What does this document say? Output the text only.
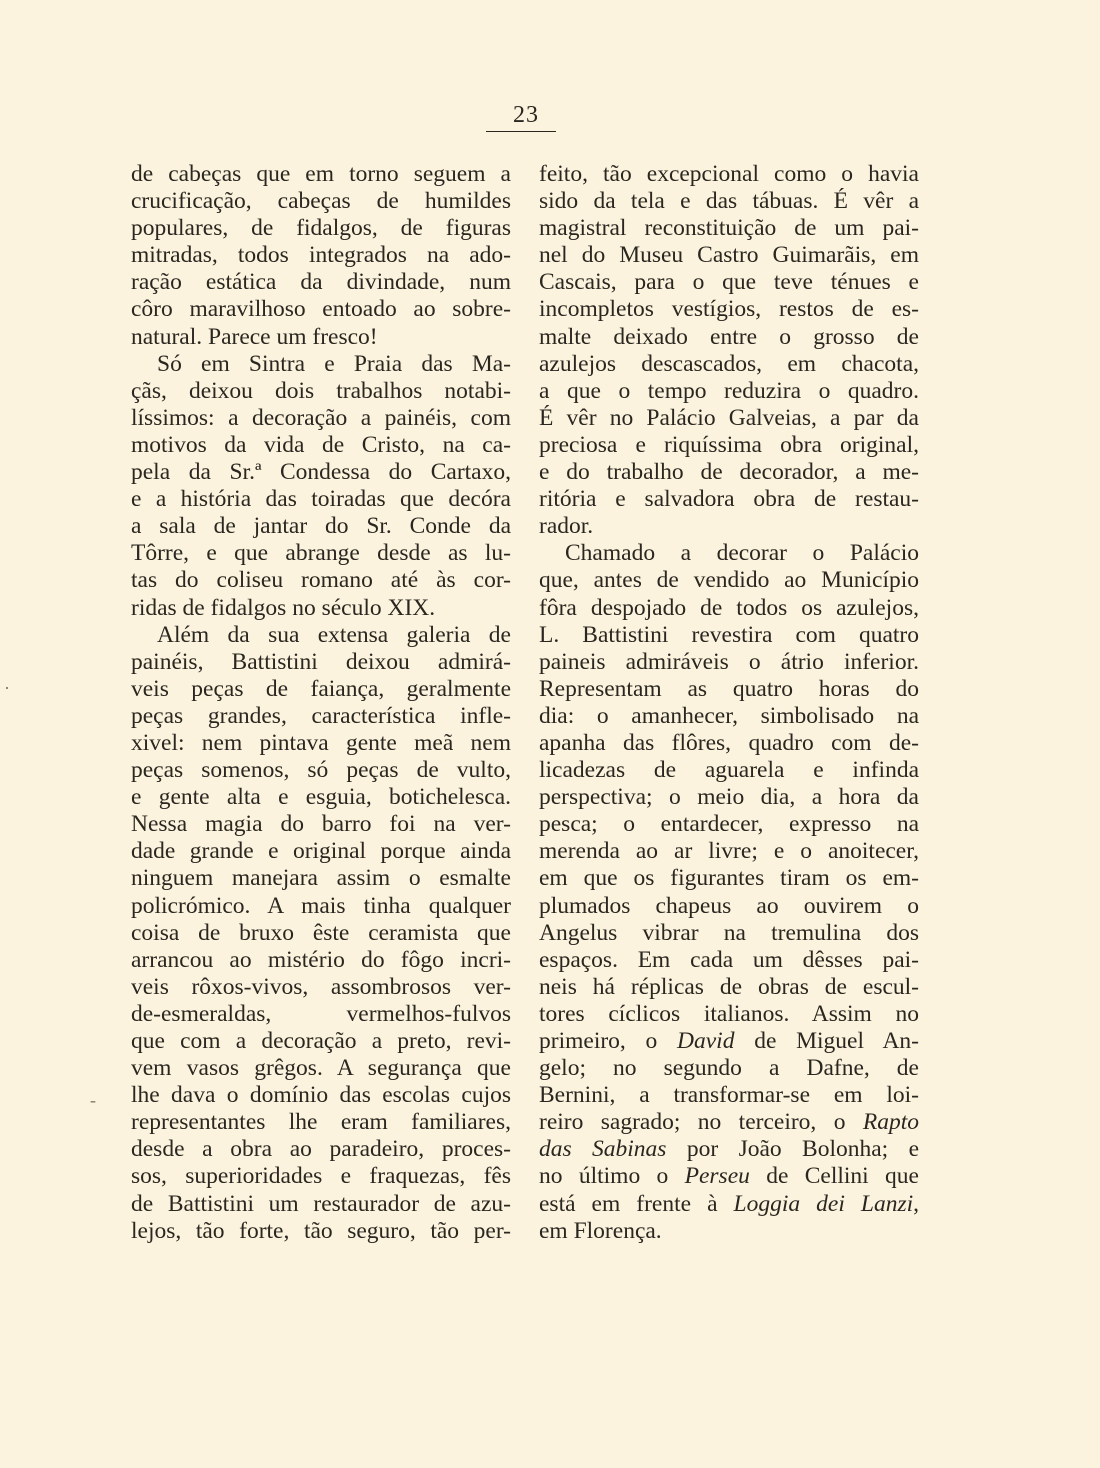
23
de cabeças que em torno seguem a
crucificação, cabeças de humildes
populares, de fidalgos, de figuras
mitradas, todos integrados na ado-
ração estática da divindade, num
côro maravilhoso entoado ao sobre-
natural. Parece um fresco!
Só em Sintra e Praia das Ma-
çãs, deixou dois trabalhos notabi-
líssimos: a decoração a painéis, com
motivos da vida de Cristo, na ca-
pela da Sr.ª Condessa do Cartaxo,
e a história das toiradas que decóra
a sala de jantar do Sr. Conde da
Tôrre, e que abrange desde as lu-
tas do coliseu romano até às cor-
ridas de fidalgos no século XIX.
Além da sua extensa galeria de
painéis, Battistini deixou admirá-
veis peças de faiança, geralmente
peças grandes, característica infle-
xivel: nem pintava gente meã nem
peças somenos, só peças de vulto,
e gente alta e esguia, botichelesca.
Nessa magia do barro foi na ver-
dade grande e original porque ainda
ninguem manejara assim o esmalte
policrómico. A mais tinha qualquer
coisa de bruxo êste ceramista que
arrancou ao mistério do fôgo incri-
veis rôxos-vivos, assombrosos ver-
de-esmeraldas, vermelhos-fulvos
que com a decoração a preto, revi-
vem vasos grêgos. A segurança que
lhe dava o domínio das escolas cujos
representantes lhe eram familiares,
desde a obra ao paradeiro, proces-
sos, superioridades e fraquezas, fês
de Battistini um restaurador de azu-
lejos, tão forte, tão seguro, tão per-
feito, tão excepcional como o havia
sido da tela e das tábuas. É vêr a
magistral reconstituição de um pai-
nel do Museu Castro Guimarãis, em
Cascais, para o que teve ténues e
incompletos vestígios, restos de es-
malte deixado entre o grosso de
azulejos descascados, em chacota,
a que o tempo reduzira o quadro.
É vêr no Palácio Galveias, a par da
preciosa e riquíssima obra original,
e do trabalho de decorador, a me-
ritória e salvadora obra de restau-
rador.
Chamado a decorar o Palácio
que, antes de vendido ao Município
fôra despojado de todos os azulejos,
L. Battistini revestira com quatro
paineis admiráveis o átrio inferior.
Representam as quatro horas do
dia: o amanhecer, simbolisado na
apanha das flôres, quadro com de-
licadezas de aguarela e infinda
perspectiva; o meio dia, a hora da
pesca; o entardecer, expresso na
merenda ao ar livre; e o anoitecer,
em que os figurantes tiram os em-
plumados chapeus ao ouvirem o
Angelus vibrar na tremulina dos
espaços. Em cada um dêsses pai-
neis há réplicas de obras de escul-
tores cíclicos italianos. Assim no
primeiro, o David de Miguel An-
gelo; no segundo a Dafne, de
Bernini, a transformar-se em loi-
reiro sagrado; no terceiro, o Rapto
das Sabinas por João Bolonha; e
no último o Perseu de Cellini que
está em frente à Loggia dei Lanzi,
em Florença.
·
-
